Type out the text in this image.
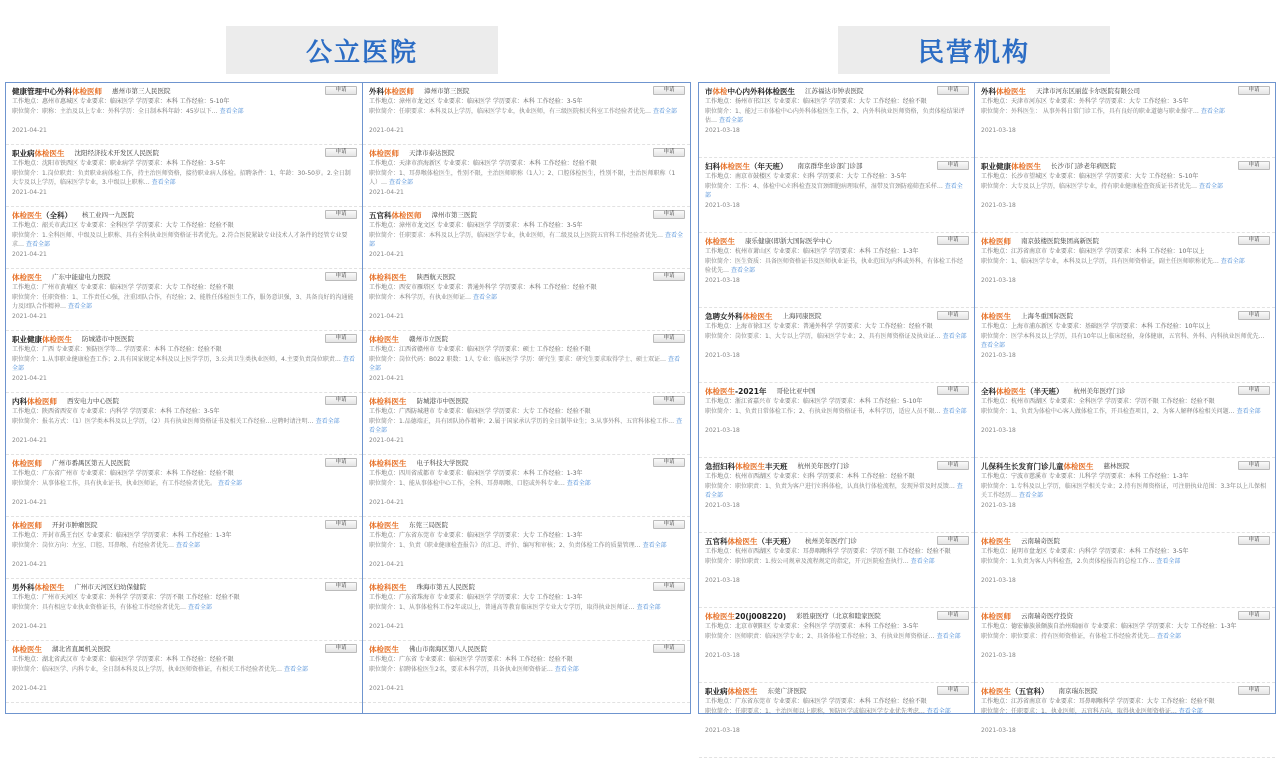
公立医院	民营机构
健康管理中心外科体检医师 惠州市第三人民医院	申请
工作地点：惠州市惠城区 专业要求：临床医学 学历要求：本科 工作经验：5-10年
职位简介：职称：主治及以上专业：外科学历：全日制本科年龄：45岁以下… 查看全部
2021-04-21
职业病体检医生 沈阳经济技术开发区人民医院	申请
工作地点：沈阳市铁西区 专业要求：职业病学 学历要求：本科 工作经验：3-5年
职位简介：1.岗位职责：负责职业病体检工作，持主治医师资格，接待职业病人体检。招聘条件：1、年龄：30-50岁。2.全日制大专及以上学历，临床医学专业，3.中级以上职称… 查看全部
2021-04-21
体检医生（全科） 核工业四一九医院	申请
工作地点：韶关市武江区 专业要求：全科医学 学历要求：大专 工作经验：经验不限
职位简介：1.全科医师、中级及以上职称、具有全科执业医师资格证书者优先。2.符合医院紧缺专业技术人才条件的经管专业要求… 查看全部
2021-04-21
体检医生 广东中能建电力医院	申请
工作地点：广州市黄埔区 专业要求：临床医学 学历要求：大专 工作经验：经验不限
职位简介：任职资格：1、工作责任心强，注重团队合作，有经验；2、能胜任体检医生工作，服务意识强，3、具备良好的沟通能力及团队合作精神… 查看全部
2021-04-21
职业健康体检医生 防城港市中医医院	申请
工作地点：广西 专业要求：预防医学等… 学历要求：本科 工作经验：经验不限
职位简介：1.从事职业健康检查工作；2.具有国家规定本科及以上医学学历，3.公共卫生类执业医师，4.主要负责岗位职责… 查看全部
2021-04-21
内科体检医师 西安电力中心医院	申请
工作地点：陕西省西安市 专业要求：内科学 学历要求：本科 工作经验：3-5年
职位简介：报名方式：（1）医学类本科及以上学历，（2）具有执业医师资格证书及相关工作经验…应聘时请注明… 查看全部
2021-04-21
体检医师 广州市番禺区第五人民医院	申请
工作地点：广东省广州市 专业要求：临床医学 学历要求：本科 工作经验：经验不限
职位简介：从事体检工作，具有执业证书，执业医师证，有工作经验者优先。 查看全部
2021-04-21
体检医师 开封市肿瘤医院	申请
工作地点：开封市禹王台区 专业要求：临床医学 学历要求：本科 工作经验：1-3年
职位简介：岗位方向：左室、口腔、耳鼻喉、有经验者优先… 查看全部
2021-04-21
男外科体检医生 广州市天河区妇幼保健院	申请
工作地点：广州市天河区 专业要求：外科学 学历要求：学历不限 工作经验：经验不限
职位简介：具有相应专业执业资格证书，有体检工作经验者优先… 查看全部
2021-04-21
体检医生 湖北省直属机关医院	申请
工作地点：湖北省武汉市 专业要求：临床医学 学历要求：本科 工作经验：经验不限
职位简介：临床医学、内科专业，全日制本科及以上学历，执业医师资格证，有相关工作经验者优先… 查看全部
2021-04-21
外科体检医师 漳州市第三医院	申请
工作地点：漳州市龙文区 专业要求：临床医学 学历要求：本科 工作经验：3-5年
职位简介：任职要求：本科及以上学历，临床医学专业，执业医师，有三级医院相关科室工作经验者优先… 查看全部
2021-04-21
体检医师 天津市泰达医院	申请
工作地点：天津市滨海新区 专业要求：临床医学 学历要求：本科 工作经验：经验不限
职位简介：1、耳鼻喉体检医生，性别不限，主治医师职称（1人）；2、口腔体检医生，性别不限，主治医师职称（1人）… 查看全部
2021-04-21
五官科体检医师 漳州市第三医院	申请
工作地点：漳州市龙文区 专业要求：临床医学 学历要求：本科 工作经验：3-5年
职位简介：任职要求：本科及以上学历，临床医学专业，执业医师，有二级及以上医院五官科工作经验者优先… 查看全部
2021-04-21
体检科医生 陕西航天医院	申请
工作地点：西安市雁塔区 专业要求：普通外科学 学历要求：本科 工作经验：经验不限
职位简介：本科学历，有执业医师证… 查看全部
2021-04-21
体检医生 赣州市立医院	申请
工作地点：江西省赣州市 专业要求：临床医学 学历要求：硕士 工作经验：经验不限
职位简介：岗位代码：B022 职数：1人 专业：临床医学 学历：研究生 要求：研究生要求取得学士、硕士双证… 查看全部
2021-04-21
体检科医生 防城港市中医医院	申请
工作地点：广西防城港市 专业要求：临床医学 学历要求：大专 工作经验：经验不限
职位简介：1.品德端正，具有团队协作精神；2.属于国家承认学历的全日制毕业生；3.从事外科、五官科体检工作… 查看全部
2021-04-21
体检科医生 电子科技大学医院	申请
工作地点：四川省成都市 专业要求：临床医学 学历要求：本科 工作经验：1-3年
职位简介：1、能从事体检中心工作，全科、耳鼻咽喉、口腔或外科专业… 查看全部
2021-04-21
体检医生 东莞三局医院	申请
工作地点：广东省东莞市 专业要求：临床医学 学历要求：大专 工作经验：1-3年
职位简介：1、负责《职业健康检查报告》的汇总、评价、编写和审核；2、负责体检工作的质量管理… 查看全部
2021-04-21
体检科医生 珠海市第五人民医院	申请
工作地点：广东省珠海市 专业要求：临床医学 学历要求：大专 工作经验：1-3年
职位简介：1、从事体检科工作2年或以上，普通高等教育临床医学专业大专学历，取得执业医师证… 查看全部
2021-04-21
体检医生 佛山市南海区第八人民医院	申请
工作地点：广东省 专业要求：临床医学 学历要求：本科 工作经验：经验不限
职位简介：招聘体检医生2名，要求本科学历，具备执业医师资格证… 查看全部
2021-04-21
市体检中心内外科体检医生 江苏福达市钟表医院	申请
工作地点：扬州市邗江区 专业要求：临床医学 学历要求：大专 工作经验：经验不限
职位简介：1、能过三市体检中心内外科体检医生工作，2、内外科执业医师资格，负责体检结果评估… 查看全部
2021-03-18
妇科体检医生（年天班） 南京群华坐诊部门诊部	申请
工作地点：南京市鼓楼区 专业要求：妇科 学历要求：大专 工作经验：3-5年
职位简介：工作：4、体检中心妇科检查及宫颈细胞病理取样，湿带及宫颈防癌筛查采样… 查看全部
2021-03-18
体检医生 康乐健康(即浙大国际医学中心	申请
工作地点：杭州市萧山区 专业要求：临床医学 学历要求：本科 工作经验：1-3年
职位简介：医生资质：具备医师资格证书及医师执业证书，执业范围为内科或外科，有体检工作经验优先… 查看全部
2021-03-18
急聘女外科体检医生 上海同康医院	申请
工作地点：上海市徐汇区 专业要求：普通外科学 学历要求：大专 工作经验：经验不限
职位简介：岗位要求：1、大专以上学历，临床医学专业；2、具有医师资格证及执业证… 查看全部
2021-03-18
体检医生-2021年 哥伦比亚中国	申请
工作地点：浙江省嘉兴市 专业要求：临床医学 学历要求：本科 工作经验：5-10年
职位简介：1、负责日常体检工作；2、有执业医师资格证书，本科学历，适应人员不限… 查看全部
2021-03-18
急招妇科体检医生丰天班 杭州美年医疗门诊	申请
工作地点：杭州市西湖区 专业要求：妇科 学历要求：本科 工作经验：经验不限
职位简介：职位职责：1、负责为客户进行妇科体检，认真执行体检流程，发现异常及时反馈… 查看全部
2021-03-18
五官科体检医生（丰天班） 杭州美年医疗门诊	申请
工作地点：杭州市西湖区 专业要求：耳鼻咽喉科学 学历要求：学历不限 工作经验：经验不限
职位简介：职位职责：1.按公司规章及流程规定的指定，开元医院检查执行… 查看全部
2021-03-18
体检医生20(j008220) 彩胜康医疗（北京和睦家医院	申请
工作地点：北京市朝阳区 专业要求：全科医学 学历要求：本科 工作经验：3-5年
职位简介：医师职责：临床医学专业；2、具备体检工作经验；3、有执业医师资格证… 查看全部
2021-03-18
职业病体检医生 东莞广济医院	申请
工作地点：广东省东莞市 专业要求：临床医学 学历要求：本科 工作经验：经验不限
职位简介：任职要求：1、主治医师以上职称，预防医学或临床医学专业优先考虑… 查看全部
2021-03-18
外科体检医生 天津市河东区丽蓝卡尔医院有限公司	申请
工作地点：天津市河东区 专业要求：外科学 学历要求：大专 工作经验：3-5年
职位简介：外科医生： 从事外科日常门诊工作，具有良好的职业道德与职业操守… 查看全部
2021-03-18
职业健康体检医生 长沙市门診老年病医院	申请
工作地点：长沙市望城区 专业要求：临床医学 学历要求：大专 工作经验：5-10年
职位简介：大专及以上学历，临床医学专业，持有职业健康检查资质证书者优先… 查看全部
2021-03-18
体检医师 南京鼓楼医院集团高新医院	申请
工作地点：江苏省南京市 专业要求：临床医学 学历要求：本科 工作经验：10年以上
职位简介：1、临床医学专业，本科及以上学历，具有医师资格证，副主任医师职称优先… 查看全部
2021-03-18
体检医生 上海冬重国际医院	申请
工作地点：上海市浦东新区 专业要求：基础医学 学历要求：本科 工作经验：10年以上
职位简介：医学本科及以上学历，具有10年以上临床经验，身体健康，五官科、外科、内科执业医师优先… 查看全部
2021-03-18
全科体检医生（半天班） 杭州美年医疗门诊	申请
工作地点：杭州市西湖区 专业要求：全科医学 学历要求：学历不限 工作经验：经验不限
职位简介：1、负责为体检中心客人做体检工作，开具检查项目，2、为客人解释体检相关问题… 查看全部
2021-03-18
儿保科生长发育门诊儿童体检医生 慈林医院	申请
工作地点：宁波市慈溪市 专业要求：儿科学 学历要求：本科 工作经验：1-3年
职位简介：1.专科及以上学历，临床医学相关专业；2.持有医师资格证，可注册执业范围：3.3年以上儿保相关工作经历… 查看全部
2021-03-18
体检医生 云南瑞奇医院	申请
工作地点：昆明市盘龙区 专业要求：内科学 学历要求：本科 工作经验：3-5年
职位简介：1.负责为客人内科检查，2.负责体检报告的总检工作… 查看全部
2021-03-18
体检医师 云南瑞奇医疗投资	申请
工作地点：德宏傣族景颇族自治州瑞丽市 专业要求：临床医学 学历要求：大专 工作经验：1-3年
职位简介：职位要求：持有医师资格证，有体检工作经验者优先… 查看全部
2021-03-18
体检医生（五官科） 南京瑞东医院	申请
工作地点：江苏省南京市 专业要求：耳鼻咽喉科学 学历要求：大专 工作经验：经验不限
职位简介：任职要求：1、执业医师，五官科方向，取得执业医师资格证… 查看全部
2021-03-18
